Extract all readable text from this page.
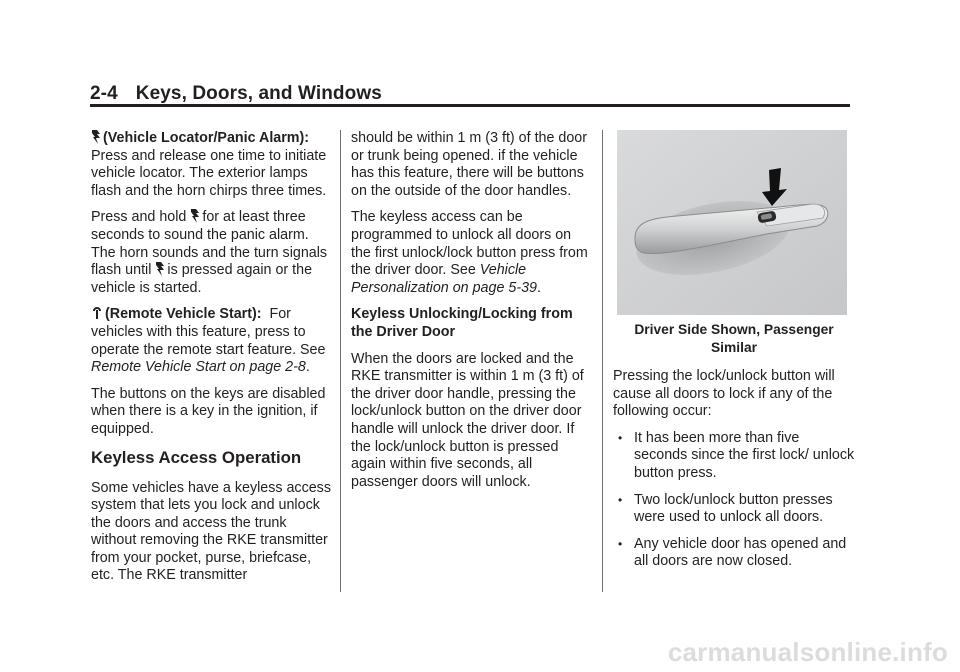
2-4 Keys, Doors, and Windows

(Vehicle Locator/Panic Alarm):  Press and release one time to initiate vehicle locator. The exterior lamps flash and the horn chirps three times.

Press and hold for at least three seconds to sound the panic alarm. The horn sounds and the turn signals flash until is pressed again or the vehicle is started.

(Remote Vehicle Start): For vehicles with this feature, press to operate the remote start feature. See Remote Vehicle Start on page 2-8.

The buttons on the keys are disabled when there is a key in the ignition, if equipped.

Keyless Access Operation

Some vehicles have a keyless access system that lets you lock and unlock the doors and access the trunk without removing the RKE transmitter from your pocket, purse, briefcase, etc. The RKE transmitter

should be within 1 m (3 ft) of the door or trunk being opened. if the vehicle has this feature, there will be buttons on the outside of the door handles.

The keyless access can be programmed to unlock all doors on the first unlock/lock button press from the driver door. See Vehicle Personalization on page 5-39.

Keyless Unlocking/Locking from the Driver Door

When the doors are locked and the RKE transmitter is within 1 m (3 ft) of the driver door handle, pressing the lock/unlock button on the driver door handle will unlock the driver door. If the lock/unlock button is pressed again within five seconds, all passenger doors will unlock.

Driver Side Shown, Passenger Similar

Pressing the lock/unlock button will cause all doors to lock if any of the following occur:

• It has been more than five seconds since the first lock/ unlock button press.
• Two lock/unlock button presses were used to unlock all doors.
• Any vehicle door has opened and all doors are now closed.
carmanualsonline.info
